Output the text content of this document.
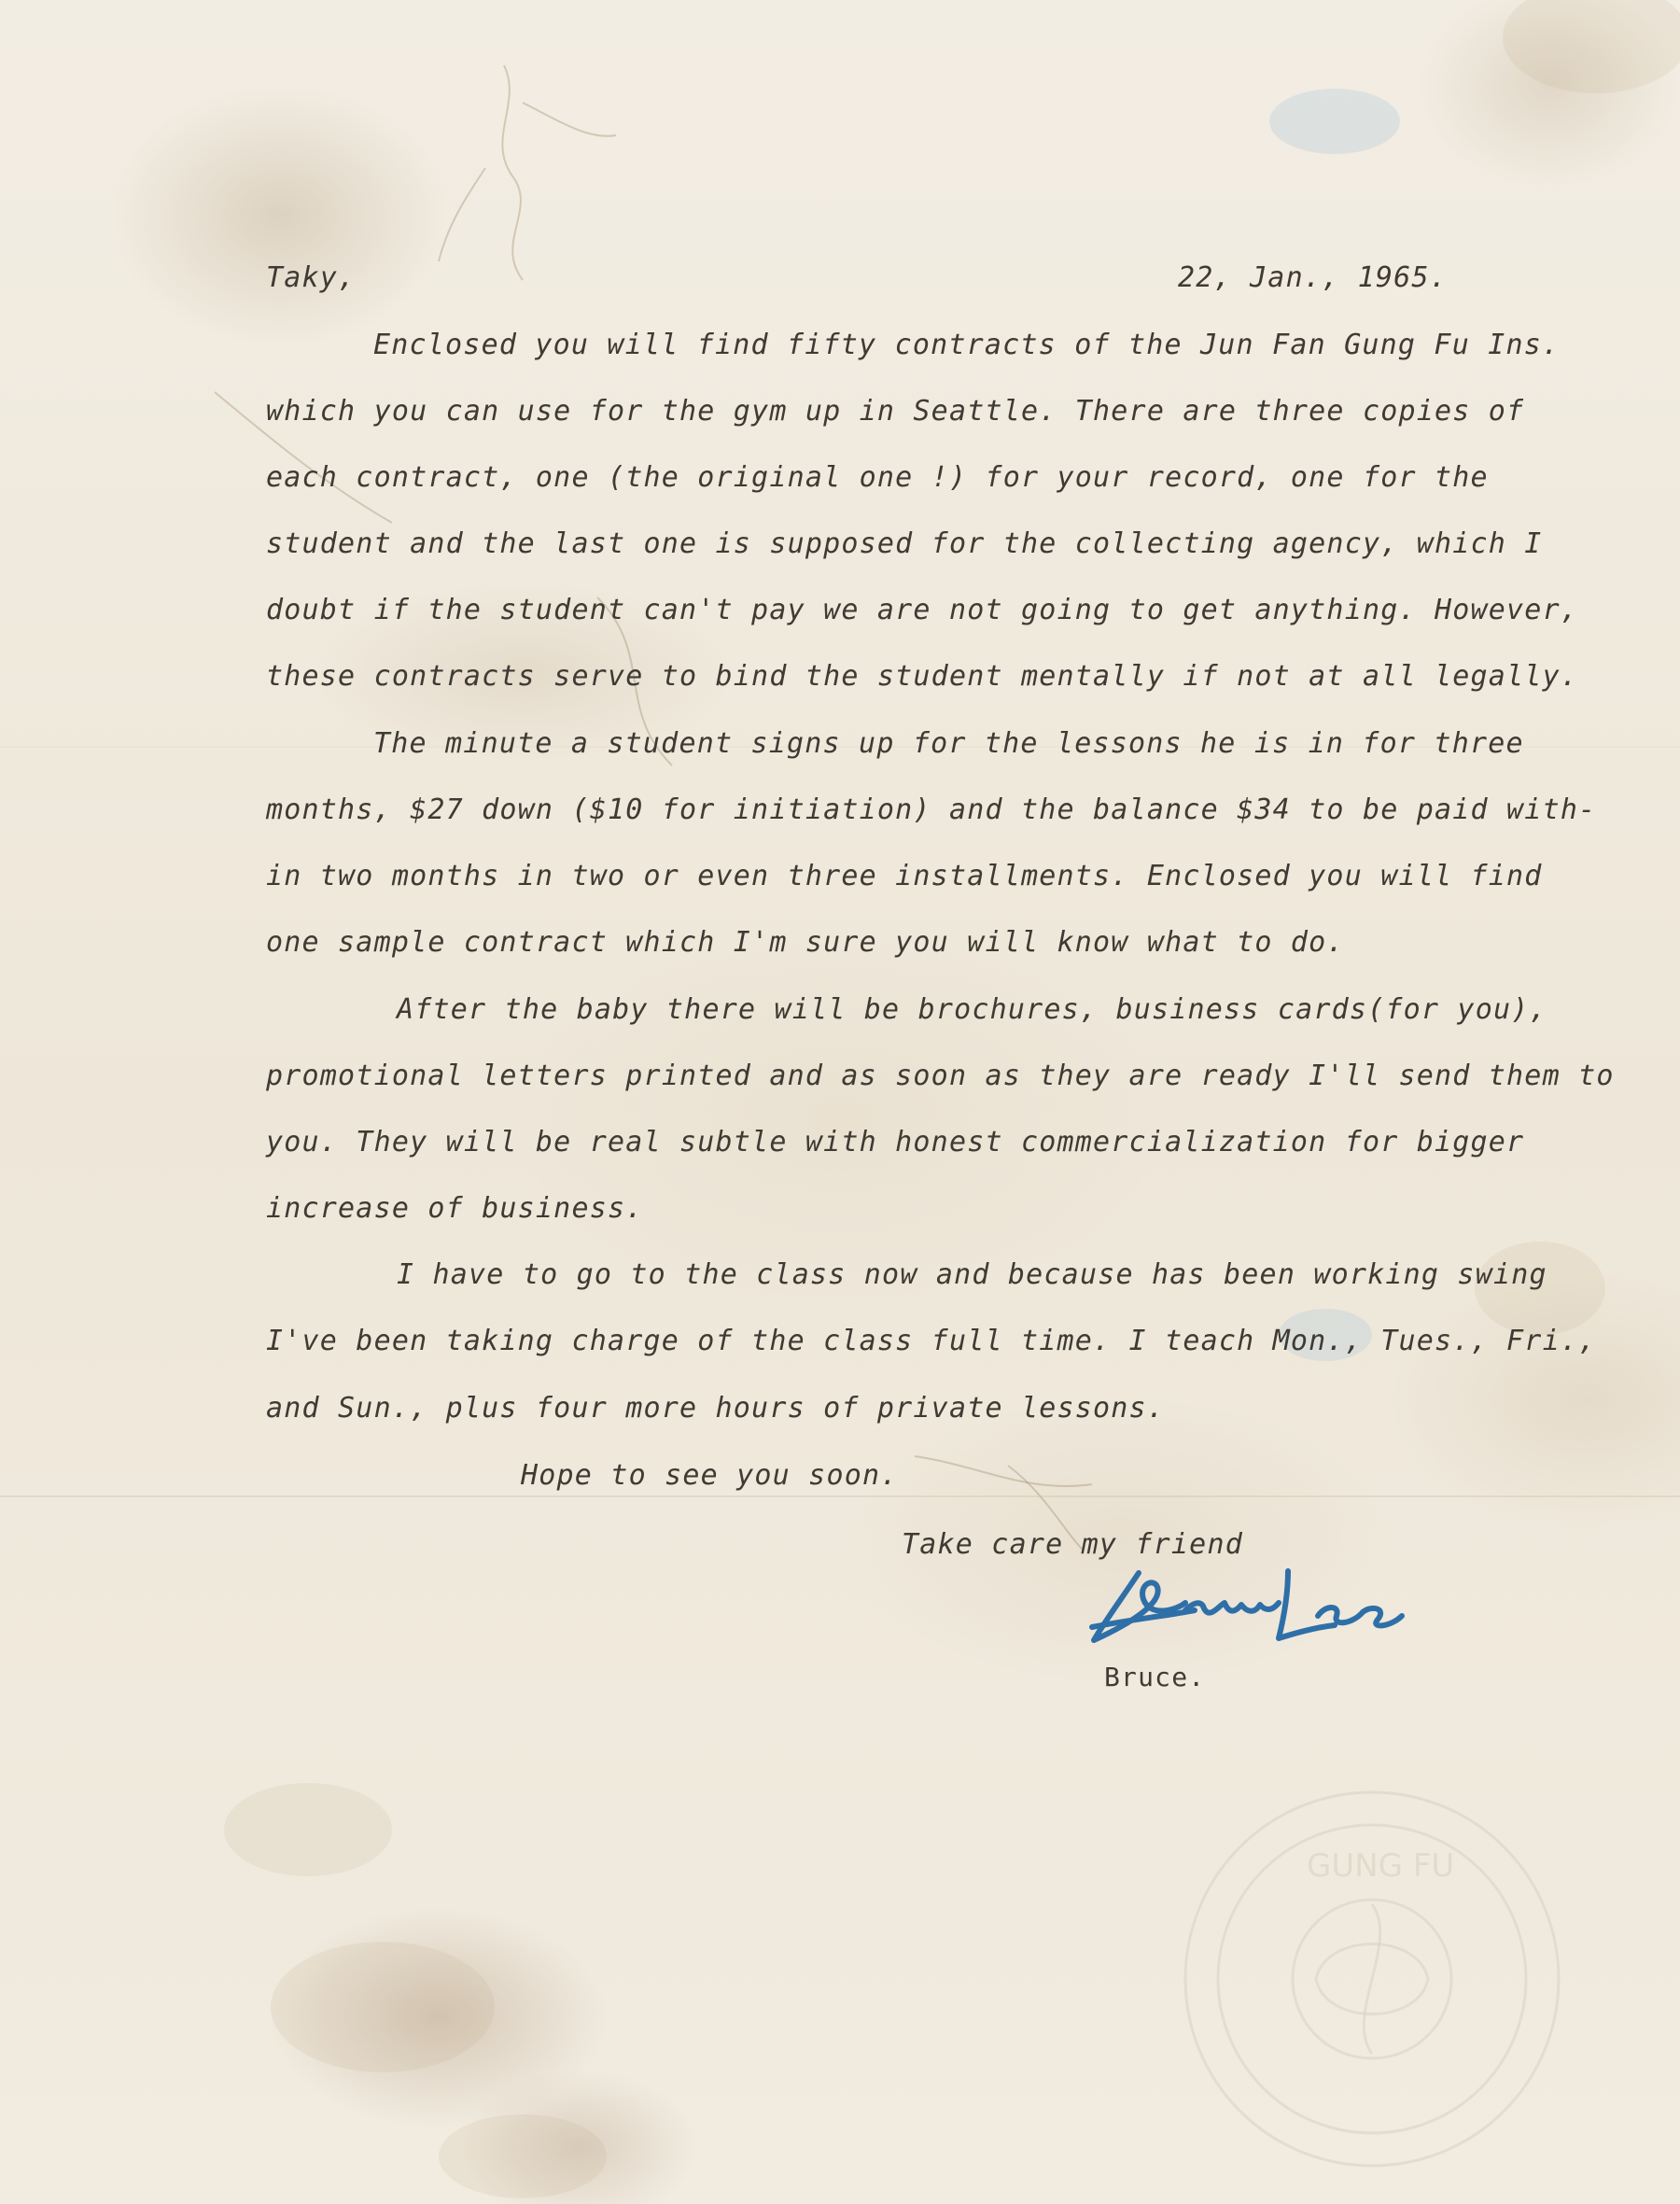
Taky,	22, Jan., 1965.
Enclosed you will find fifty contracts of the Jun Fan Gung Fu Ins.
which you can use for the gym up in Seattle. There are three copies of
each contract, one (the original one !) for your record, one for the
student and the last one is supposed for the collecting agency, which I
doubt if the student can't pay we are not going to get anything. However,
these contracts serve to bind the student mentally if not at all legally.
The minute a student signs up for the lessons he is in for three
months, $27 down ($10 for initiation) and the balance $34 to be paid with-
in two months in two or even three installments. Enclosed you will find
one sample contract which I'm sure you will know what to do.
After the baby there will be brochures, business cards(for you),
promotional letters printed and as soon as they are ready I'll send them to
you. They will be real subtle with honest commercialization for bigger
increase of business.
I have to go to the class now and because has been working swing
I've been taking charge of the class full time. I teach Mon., Tues., Fri.,
and Sun., plus four more hours of private lessons.
Hope to see you soon.
Take care my friend
Bruce.
GUNG FU
